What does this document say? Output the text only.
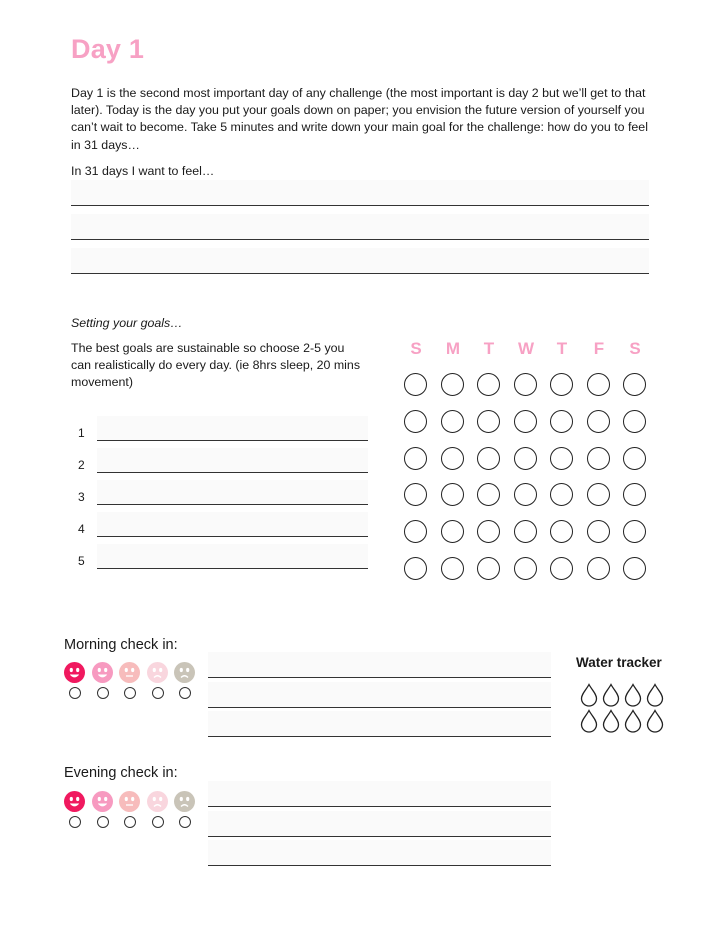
Day 1
Day 1 is the second most important day of any challenge (the most important is day 2 but we’ll get to that later). Today is the day you put your goals down on paper; you envision the future version of yourself you can’t wait to become. Take 5 minutes and write down your main goal for the challenge: how do you to feel in 31 days…
In 31 days I want to feel…
Setting your goals…
The best goals are sustainable so choose 2-5 you can realistically do every day. (ie 8hrs sleep, 20 mins movement)
1
2
3
4
5
S	M	T	W	T	F	S
Morning check in:
Evening check in:
Water tracker
